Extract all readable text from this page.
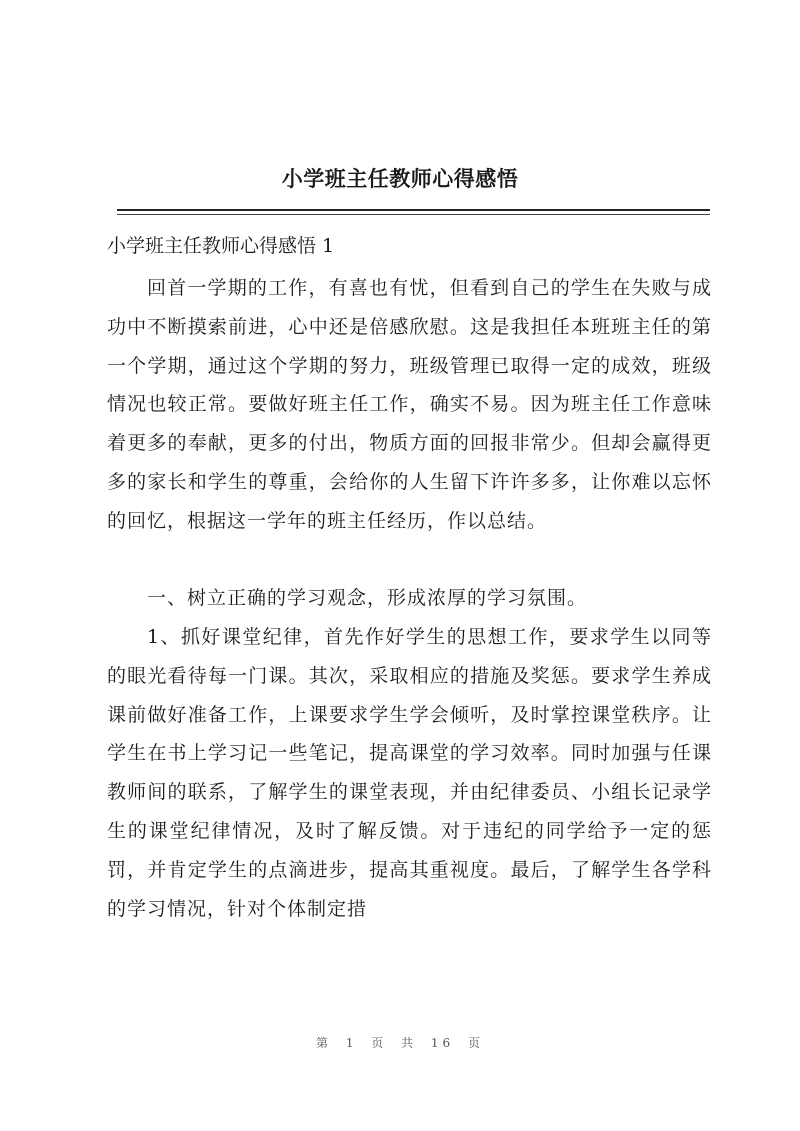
小学班主任教师心得感悟
小学班主任教师心得感悟 1

回首一学期的工作，有喜也有忧，但看到自己的学生在失败与成功中不断摸索前进，心中还是倍感欣慰。这是我担任本班班主任的第一个学期，通过这个学期的努力，班级管理已取得一定的成效，班级情况也较正常。要做好班主任工作，确实不易。因为班主任工作意味着更多的奉献，更多的付出，物质方面的回报非常少。但却会赢得更多的家长和学生的尊重，会给你的人生留下许许多多，让你难以忘怀的回忆，根据这一学年的班主任经历，作以总结。

一、树立正确的学习观念，形成浓厚的学习氛围。

1、抓好课堂纪律，首先作好学生的思想工作，要求学生以同等的眼光看待每一门课。其次，采取相应的措施及奖惩。要求学生养成课前做好准备工作，上课要求学生学会倾听，及时掌控课堂秩序。让学生在书上学习记一些笔记，提高课堂的学习效率。同时加强与任课教师间的联系，了解学生的课堂表现，并由纪律委员、小组长记录学生的课堂纪律情况，及时了解反馈。对于违纪的同学给予一定的惩罚，并肯定学生的点滴进步，提高其重视度。最后，了解学生各学科的学习情况，针对个体制定措

第 1 页 共 16 页
